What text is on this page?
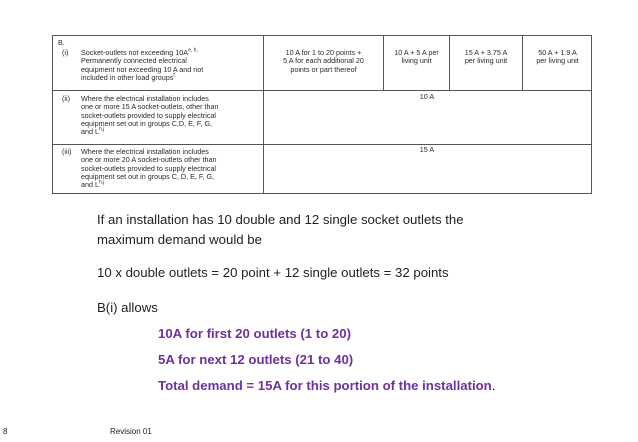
B.
(i) Socket-outlets not exceeding $10A^{e, h,}$
Permanently connected electrical
equipment not exceeding 10 A and not
included in other load groups$^f$
10 A for 1 to 20 points +
5 A for each additional 20
points or part thereof
10 A + 5 A per
living unit
15 A + 3.75 A
per living unit
50 A + 1.9 A
per living unit
(ii) Where the electrical installation includes
one or more 15 A socket-outlets, other than
socket-outlets provided to supply electrical
equipment set out in groups C,D, E, F, G,
and L$^{h,j}$
10 A
(iii) Where the electrical installation includes
one or more 20 A socket-outlets other than
socket-outlets provided to supply electrical
equipment set out in groups C, D, E, F, G,
and L$^{h,j}$
15 A
If an installation has 10 double and 12 single socket outlets the
maximum demand would be
10 x double outlets = 20 point + 12 single outlets = 32 points
B(i) allows
10A for first 20 outlets (1 to 20)
5A for next 12 outlets (21 to 40)
Total demand = 15A for this portion of the installation.
8	Revision 01
